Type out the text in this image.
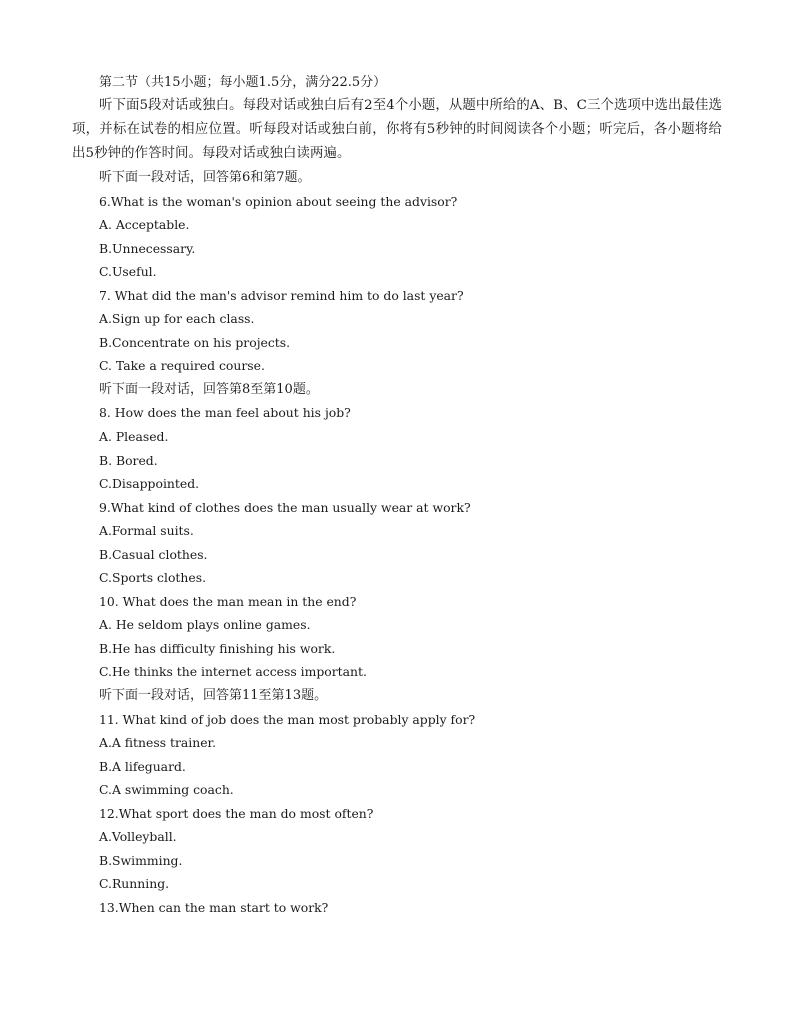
第二节（共15小题；每小题1.5分，满分22.5分）

听下面5段对话或独白。每段对话或独白后有2至4个小题，从题中所给的A、B、C三个选项中选出最佳选项，并标在试卷的相应位置。听每段对话或独白前，你将有5秒钟的时间阅读各个小题；听完后，各小题将给出5秒钟的作答时间。每段对话或独白读两遍。

听下面一段对话，回答第6和第7题。
6.What is the woman's opinion about seeing the advisor?
A. Acceptable.
B.Unnecessary.
C.Useful.
7. What did the man's advisor remind him to do last year?
A.Sign up for each class.
B.Concentrate on his projects.
C. Take a required course.
听下面一段对话，回答第8至第10题。
8. How does the man feel about his job?
A. Pleased.
B. Bored.
C.Disappointed.
9.What kind of clothes does the man usually wear at work?
A.Formal suits.
B.Casual clothes.
C.Sports clothes.
10. What does the man mean in the end?
A. He seldom plays online games.
B.He has difficulty finishing his work.
C.He thinks the internet access important.
听下面一段对话，回答第11至第13题。
11. What kind of job does the man most probably apply for?
A.A fitness trainer.
B.A lifeguard.
C.A swimming coach.
12.What sport does the man do most often?
A.Volleyball.
B.Swimming.
C.Running.
13.When can the man start to work?
